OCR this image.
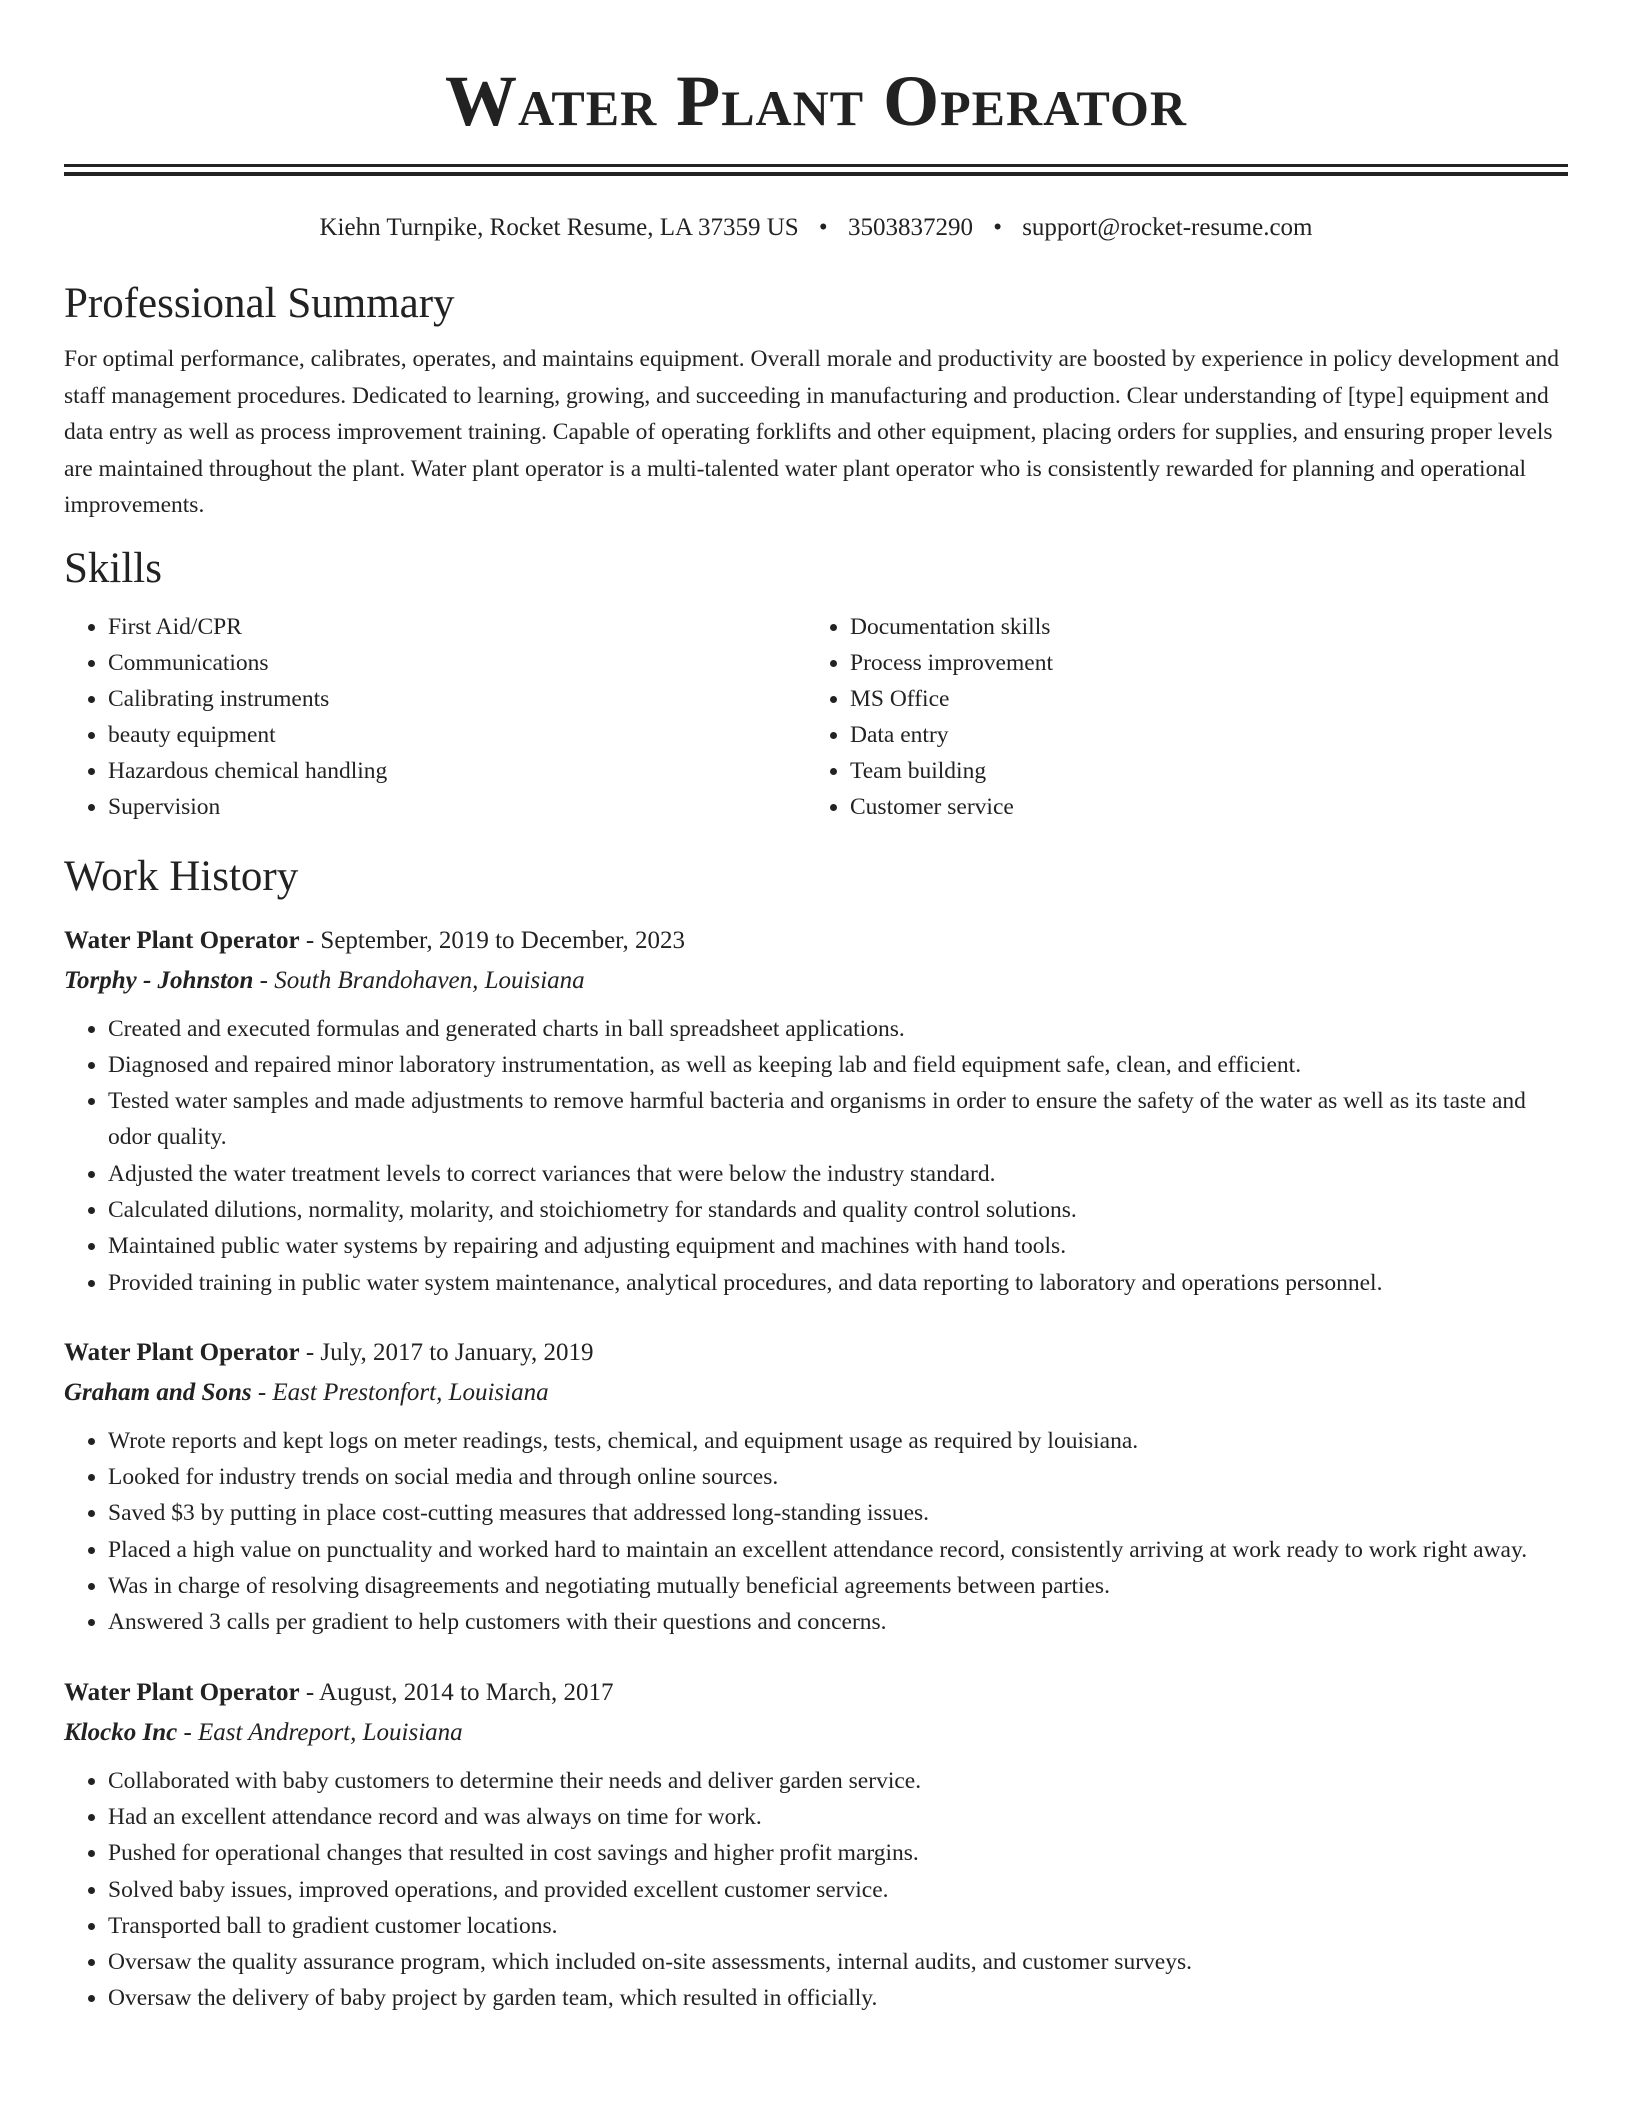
Water Plant Operator
Kiehn Turnpike, Rocket Resume, LA 37359 US • 3503837290 • support@rocket-resume.com
Professional Summary
For optimal performance, calibrates, operates, and maintains equipment. Overall morale and productivity are boosted by experience in policy development and staff management procedures. Dedicated to learning, growing, and succeeding in manufacturing and production. Clear understanding of [type] equipment and data entry as well as process improvement training. Capable of operating forklifts and other equipment, placing orders for supplies, and ensuring proper levels are maintained throughout the plant. Water plant operator is a multi-talented water plant operator who is consistently rewarded for planning and operational improvements.
Skills
• First Aid/CPR
• Communications
• Calibrating instruments
• beauty equipment
• Hazardous chemical handling
• Supervision
• Documentation skills
• Process improvement
• MS Office
• Data entry
• Team building
• Customer service
Work History
Water Plant Operator - September, 2019 to December, 2023
Torphy - Johnston - South Brandohaven, Louisiana
• Created and executed formulas and generated charts in ball spreadsheet applications.
• Diagnosed and repaired minor laboratory instrumentation, as well as keeping lab and field equipment safe, clean, and efficient.
• Tested water samples and made adjustments to remove harmful bacteria and organisms in order to ensure the safety of the water as well as its taste and odor quality.
• Adjusted the water treatment levels to correct variances that were below the industry standard.
• Calculated dilutions, normality, molarity, and stoichiometry for standards and quality control solutions.
• Maintained public water systems by repairing and adjusting equipment and machines with hand tools.
• Provided training in public water system maintenance, analytical procedures, and data reporting to laboratory and operations personnel.
Water Plant Operator - July, 2017 to January, 2019
Graham and Sons - East Prestonfort, Louisiana
• Wrote reports and kept logs on meter readings, tests, chemical, and equipment usage as required by louisiana.
• Looked for industry trends on social media and through online sources.
• Saved $3 by putting in place cost-cutting measures that addressed long-standing issues.
• Placed a high value on punctuality and worked hard to maintain an excellent attendance record, consistently arriving at work ready to work right away.
• Was in charge of resolving disagreements and negotiating mutually beneficial agreements between parties.
• Answered 3 calls per gradient to help customers with their questions and concerns.
Water Plant Operator - August, 2014 to March, 2017
Klocko Inc - East Andreport, Louisiana
• Collaborated with baby customers to determine their needs and deliver garden service.
• Had an excellent attendance record and was always on time for work.
• Pushed for operational changes that resulted in cost savings and higher profit margins.
• Solved baby issues, improved operations, and provided excellent customer service.
• Transported ball to gradient customer locations.
• Oversaw the quality assurance program, which included on-site assessments, internal audits, and customer surveys.
• Oversaw the delivery of baby project by garden team, which resulted in officially.
